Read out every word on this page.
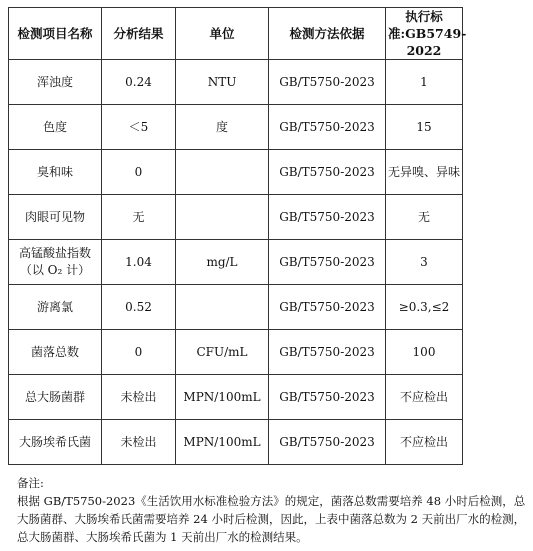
检测项目名称	分析结果	单位	检测方法依据	执行标
准:GB5749-2022

浑浊度	0.24	NTU	GB/T5750-2023	1
色度	＜5	度	GB/T5750-2023	15
臭和味	0		GB/T5750-2023	无异嗅、异味
肉眼可见物	无		GB/T5750-2023	无

高锰酸盐指数
（以 O₂ 计）	1.04	mg/L	GB/T5750-2023	3
游离氯	0.52		GB/T5750-2023	≥0.3,≤2
菌落总数	0	CFU/mL	GB/T5750-2023	100
总大肠菌群	未检出	MPN/100mL	GB/T5750-2023	不应检出
大肠埃希氏菌	未检出	MPN/100mL	GB/T5750-2023	不应检出

备注:

根据 GB/T5750-2023《生活饮用水标准检验方法》的规定，菌落总数需要培养 48 小时后检测，总大肠菌群、大肠埃希氏菌需要培养 24 小时后检测，因此，上表中菌落总数为 2 天前出厂水的检测，总大肠菌群、大肠埃希氏菌为 1 天前出厂水的检测结果。
